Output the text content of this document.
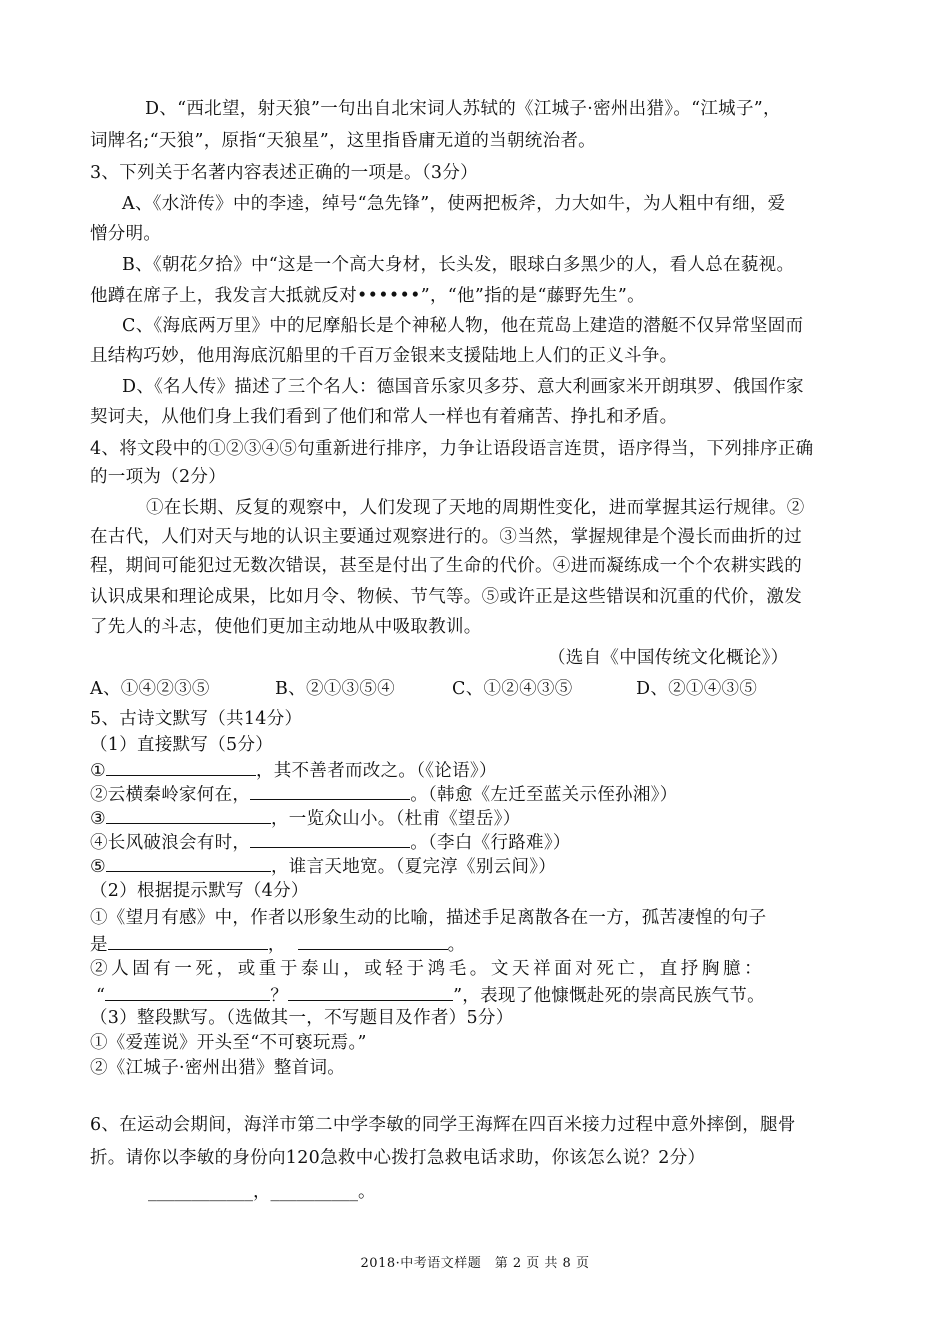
D、“西北望，射天狼”一句出自北宋词人苏轼的《江城子·密州出猎》。“江城子”，
词牌名;“天狼”，原指“天狼星”，这里指昏庸无道的当朝统治者。
3、下列关于名著内容表述正确的一项是。（3分）
A、《水浒传》中的李逵，绰号“急先锋”，使两把板斧，力大如牛，为人粗中有细，爱
憎分明。
B、《朝花夕拾》中“这是一个高大身材，长头发，眼球白多黑少的人，看人总在藐视。
他蹲在席子上，我发言大抵就反对••••••”，“他”指的是“藤野先生”。
C、《海底两万里》中的尼摩船长是个神秘人物，他在荒岛上建造的潜艇不仅异常坚固而
且结构巧妙，他用海底沉船里的千百万金银来支援陆地上人们的正义斗争。
D、《名人传》描述了三个名人：德国音乐家贝多芬、意大利画家米开朗琪罗、俄国作家
契诃夫，从他们身上我们看到了他们和常人一样也有着痛苦、挣扎和矛盾。
4、将文段中的①②③④⑤句重新进行排序，力争让语段语言连贯，语序得当，下列排序正确
的一项为（2分）
①在长期、反复的观察中，人们发现了天地的周期性变化，进而掌握其运行规律。②
在古代，人们对天与地的认识主要通过观察进行的。③当然，掌握规律是个漫长而曲折的过
程，期间可能犯过无数次错误，甚至是付出了生命的代价。④进而凝练成一个个农耕实践的
认识成果和理论成果，比如月令、物候、节气等。⑤或许正是这些错误和沉重的代价，激发
了先人的斗志，使他们更加主动地从中吸取教训。
（选自《中国传统文化概论》）
A、①④②③⑤	B、②①③⑤④	C、①②④③⑤	D、②①④③⑤
5、古诗文默写（共14分）
（1）直接默写（5分）
①	，其不善者而改之。（《论语》）
②云横秦岭家何在，	。（韩愈《左迁至蓝关示侄孙湘》）
③	，一览众山小。（杜甫《望岳》）
④长风破浪会有时，	。（李白《行路难》）
⑤	，谁言天地宽。（夏完淳《别云间》）
（2）根据提示默写（4分）
①《望月有感》中，作者以形象生动的比喻，描述手足离散各在一方，孤苦凄惶的句子
是	，	。
②人固有一死，或重于泰山，或轻于鸿毛。文天祥面对死亡，直抒胸臆：
“	？	”，表现了他慷慨赴死的崇高民族气节。
（3）整段默写。（选做其一，不写题目及作者）5分）
①《爱莲说》开头至“不可亵玩焉。”
②《江城子·密州出猎》整首词。
6、在运动会期间，海洋市第二中学李敏的同学王海辉在四百米接力过程中意外摔倒，腿骨
折。请你以李敏的身份向120急救中心拨打急救电话求助，你该怎么说？2分）
____________，__________。
2018·中考语文样题　第 2 页 共 8 页
